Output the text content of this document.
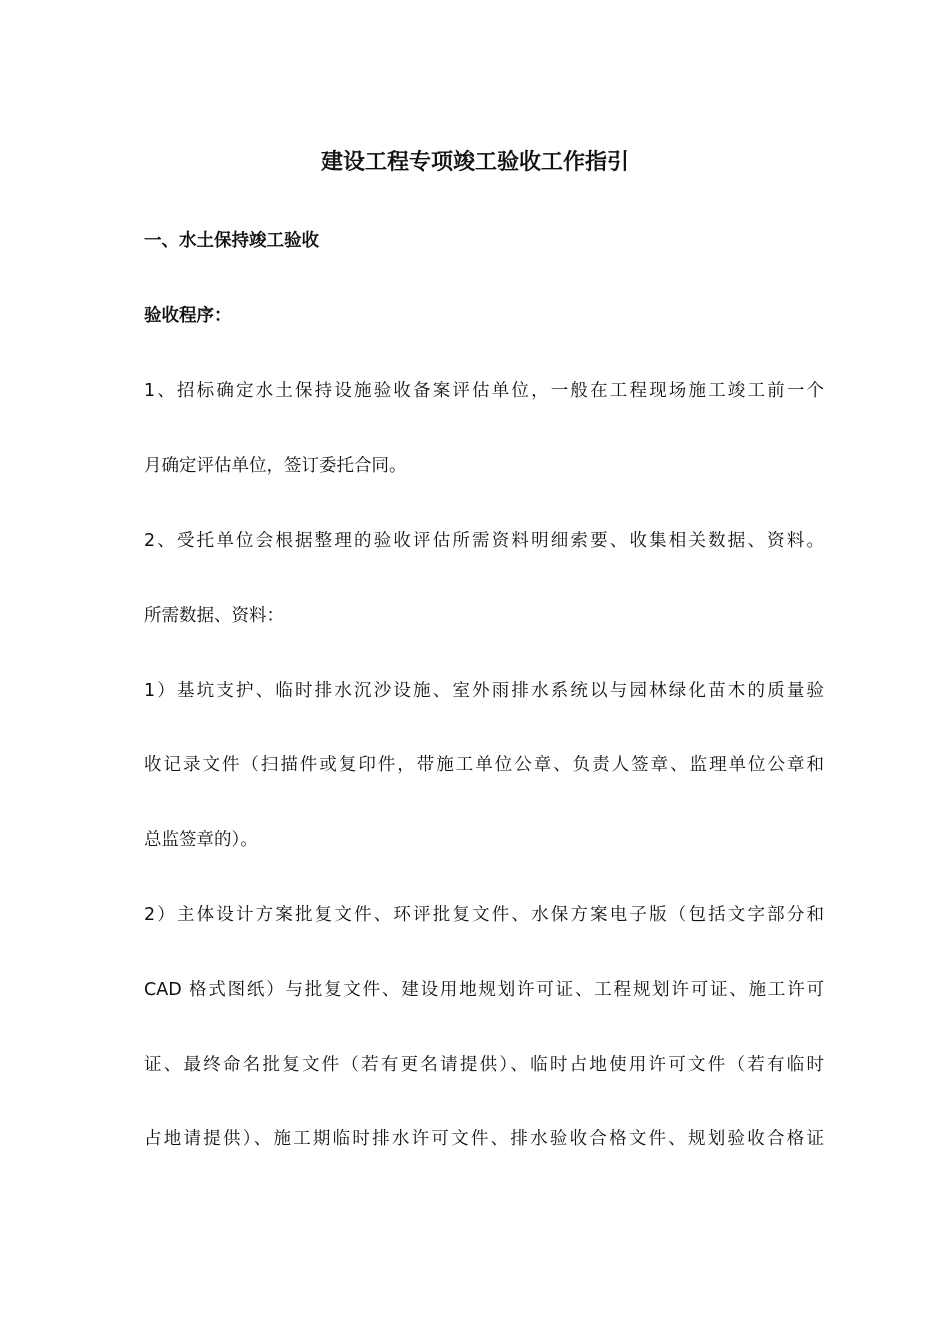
建设工程专项竣工验收工作指引
一、水土保持竣工验收
验收程序：
1、招标确定水土保持设施验收备案评估单位，一般在工程现场施工竣工前一个
月确定评估单位，签订委托合同。
2、受托单位会根据整理的验收评估所需资料明细索要、收集相关数据、资料。
所需数据、资料：
1）基坑支护、临时排水沉沙设施、室外雨排水系统以与园林绿化苗木的质量验
收记录文件（扫描件或复印件，带施工单位公章、负责人签章、监理单位公章和
总监签章的）。
2）主体设计方案批复文件、环评批复文件、水保方案电子版（包括文字部分和
CAD 格式图纸）与批复文件、建设用地规划许可证、工程规划许可证、施工许可
证、最终命名批复文件（若有更名请提供）、临时占地使用许可文件（若有临时
占地请提供）、施工期临时排水许可文件、排水验收合格文件、规划验收合格证
